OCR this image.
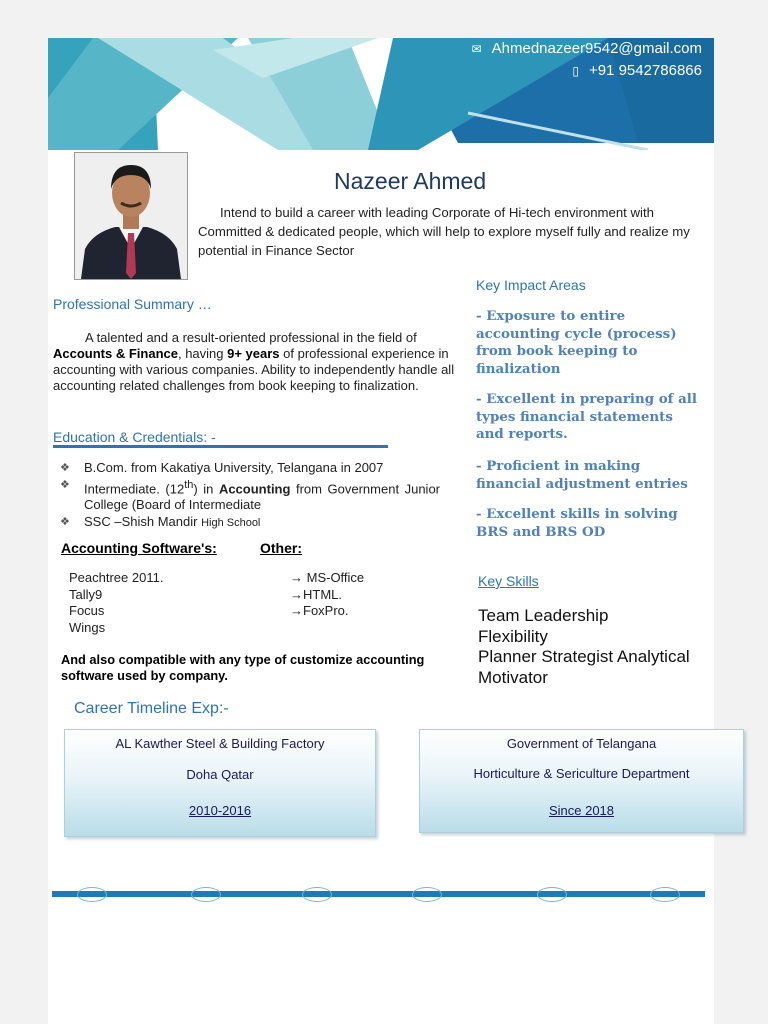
✉ Ahmednazeer9542@gmail.com
▯ +91 9542786866
Nazeer Ahmed
Intend to build a career with leading Corporate of Hi-tech environment with Committed & dedicated people, which will help to explore myself fully and realize my potential in Finance Sector
Professional Summary …
A talented and a result-oriented professional in the field of Accounts & Finance, having 9+ years of professional experience in accounting with various companies. Ability to independently handle all accounting related challenges from book keeping to finalization.
Education & Credentials: -
❖ B.Com. from Kakatiya University, Telangana in 2007
❖ Intermediate. (12th) in Accounting from Government Junior College (Board of Intermediate
❖ SSC –Shish Mandir High School
Accounting Software's:	Other:
Peachtree 2011.
Tally9
Focus
Wings
→ MS-Office
→HTML.
→FoxPro.
And also compatible with any type of customize accounting software used by company.
Key Impact Areas
- Exposure to entire accounting cycle (process) from book keeping to finalization
- Excellent in preparing of all types financial statements and reports.
- Proficient in making financial adjustment entries
- Excellent skills in solving BRS and BRS OD
Key Skills
Team Leadership
Flexibility
Planner Strategist Analytical
Motivator
Career Timeline Exp:-
AL Kawther Steel & Building Factory
Doha Qatar
2010-2016
Government of Telangana
Horticulture & Sericulture Department
Since 2018
